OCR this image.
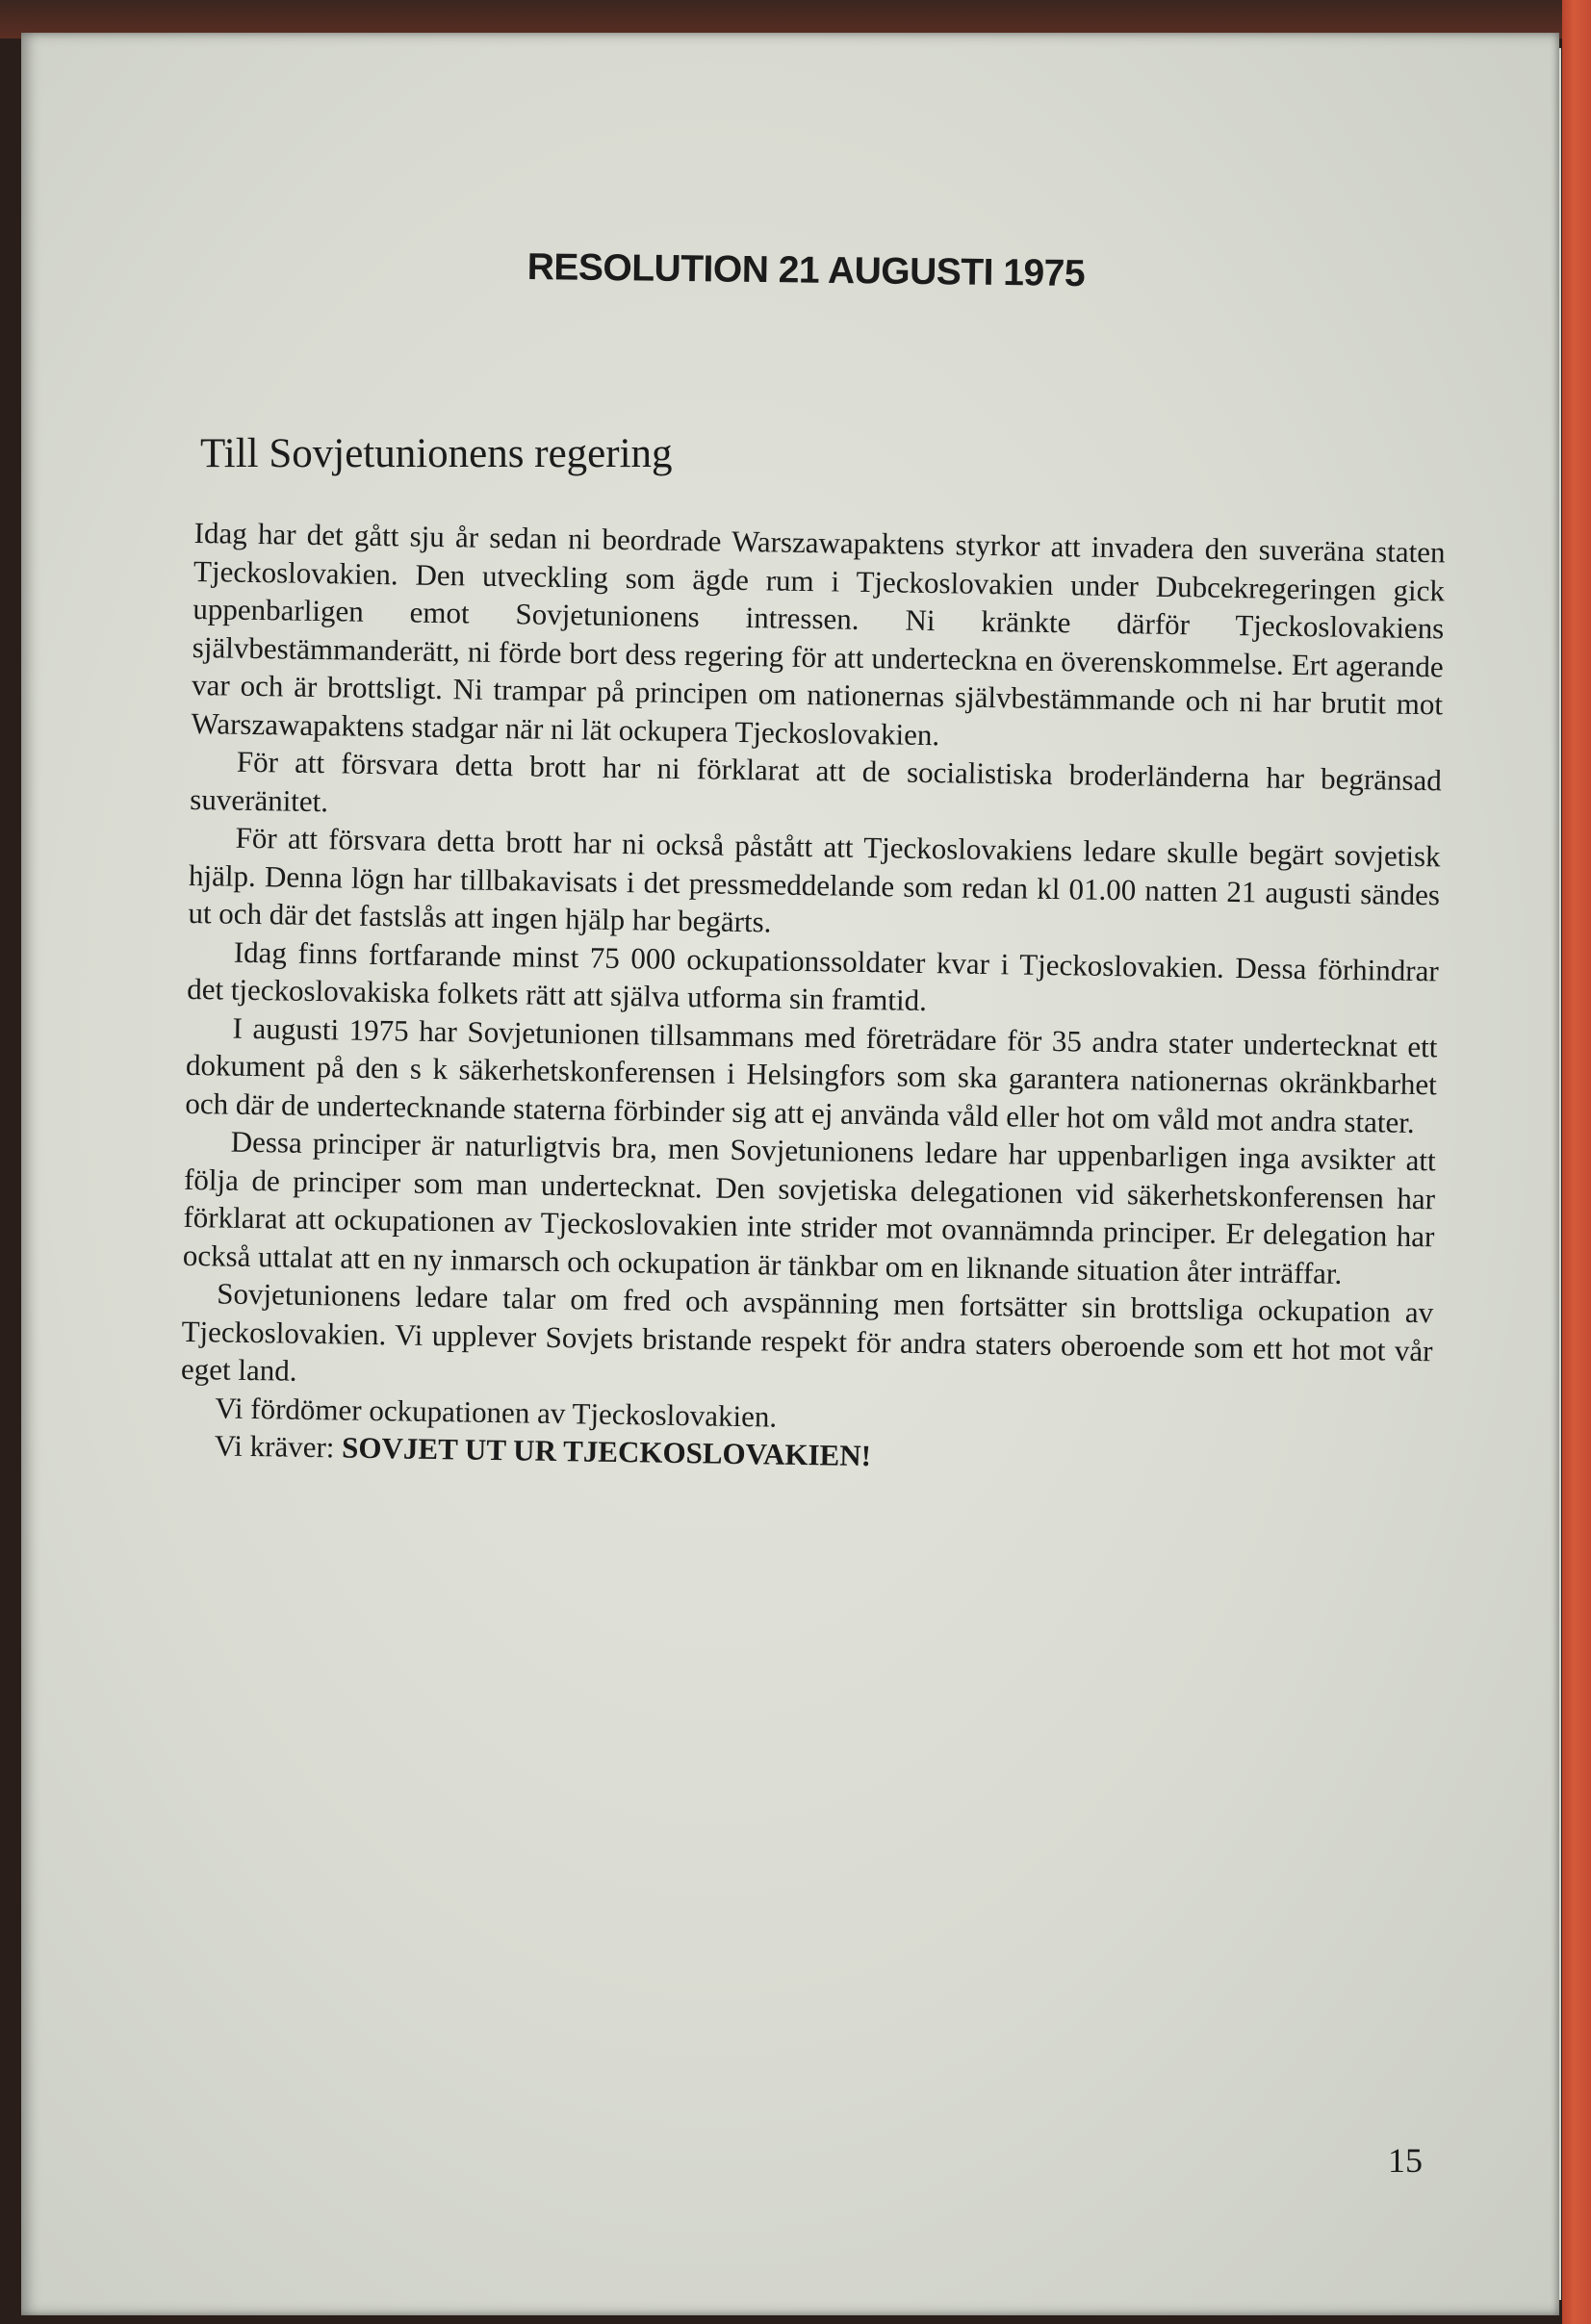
RESOLUTION 21 AUGUSTI 1975
Till Sovjetunionens regering

Idag har det gått sju år sedan ni beordrade Warszawapaktens styrkor att invadera den suveräna staten Tjeckoslovakien. Den utveckling som ägde rum i Tjeckoslovakien under Dubcekregeringen gick uppenbarligen emot Sovjetunionens intressen. Ni kränkte därför Tjeckoslovakiens självbestämmanderätt, ni förde bort dess regering för att underteckna en överenskommelse. Ert agerande var och är brottsligt. Ni trampar på principen om nationernas självbestämmande och ni har brutit mot Warszawapaktens stadgar när ni lät ockupera Tjeckoslovakien.

För att försvara detta brott har ni förklarat att de socialistiska broderländerna har begränsad suveränitet.

För att försvara detta brott har ni också påstått att Tjeckoslovakiens ledare skulle begärt sovjetisk hjälp. Denna lögn har tillbakavisats i det pressmeddelande som redan kl 01.00 natten 21 augusti sändes ut och där det fastslås att ingen hjälp har begärts.

Idag finns fortfarande minst 75 000 ockupationssoldater kvar i Tjeckoslovakien. Dessa förhindrar det tjeckoslovakiska folkets rätt att själva utforma sin framtid.

I augusti 1975 har Sovjetunionen tillsammans med företrädare för 35 andra stater undertecknat ett dokument på den s k säkerhetskonferensen i Helsingfors som ska garantera nationernas okränkbarhet och där de undertecknande staterna förbinder sig att ej använda våld eller hot om våld mot andra stater.

Dessa principer är naturligtvis bra, men Sovjetunionens ledare har uppenbarligen inga avsikter att följa de principer som man undertecknat. Den sovjetiska delegationen vid säkerhetskonferensen har förklarat att ockupationen av Tjeckoslovakien inte strider mot ovannämnda principer. Er delegation har också uttalat att en ny inmarsch och ockupation är tänkbar om en liknande situation åter inträffar.

Sovjetunionens ledare talar om fred och avspänning men fortsätter sin brottsliga ockupation av Tjeckoslovakien. Vi upplever Sovjets bristande respekt för andra staters oberoende som ett hot mot vår eget land.

Vi fördömer ockupationen av Tjeckoslovakien.

Vi kräver: SOVJET UT UR TJECKOSLOVAKIEN!

15
